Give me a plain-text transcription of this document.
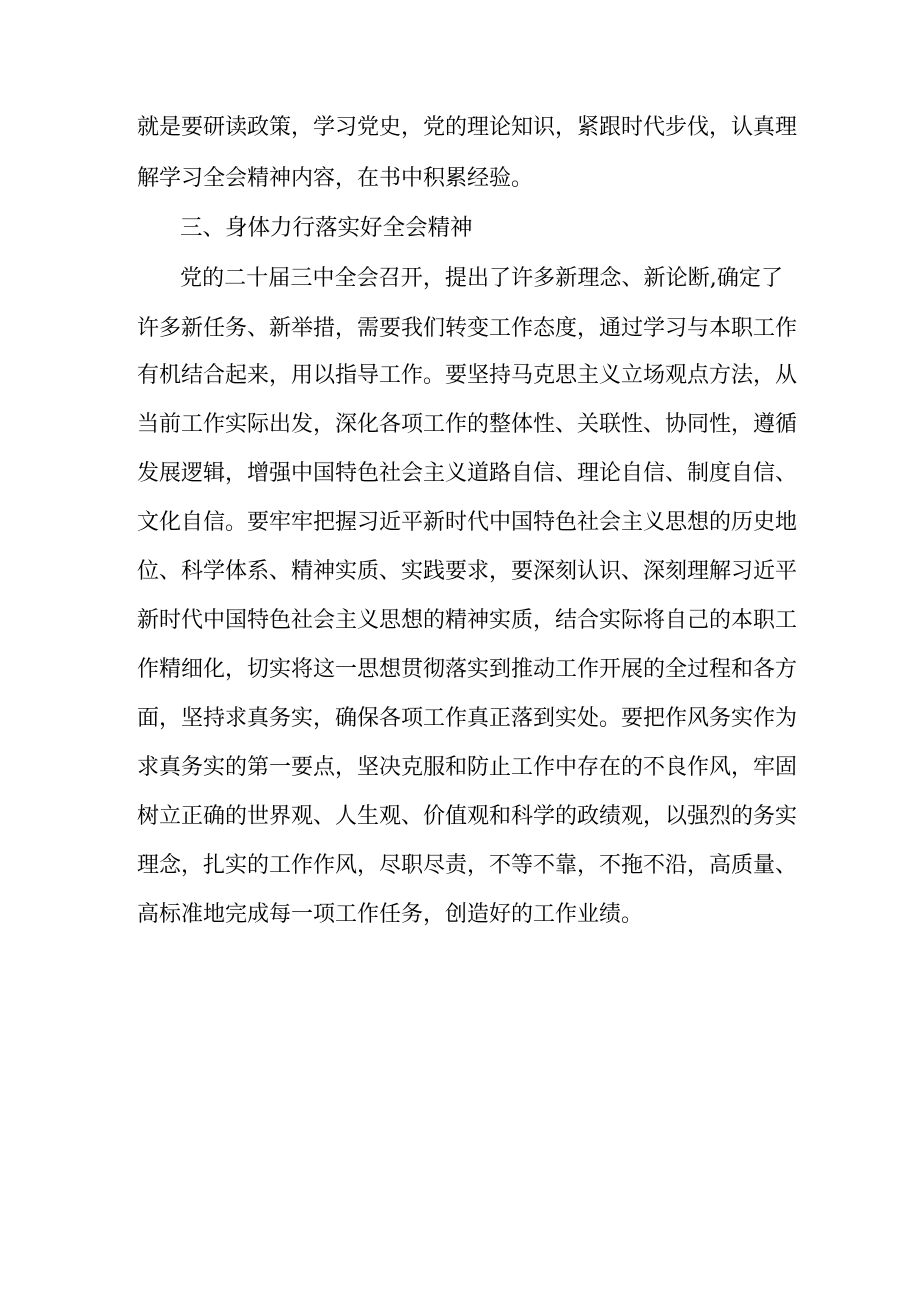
就是要研读政策，学习党史，党的理论知识，紧跟时代步伐，认真理
解学习全会精神内容，在书中积累经验。
三、身体力行落实好全会精神
党的二十届三中全会召开，提出了许多新理念、新论断,确定了
许多新任务、新举措，需要我们转变工作态度，通过学习与本职工作
有机结合起来，用以指导工作。要坚持马克思主义立场观点方法，从
当前工作实际出发，深化各项工作的整体性、关联性、协同性，遵循
发展逻辑，增强中国特色社会主义道路自信、理论自信、制度自信、
文化自信。要牢牢把握习近平新时代中国特色社会主义思想的历史地
位、科学体系、精神实质、实践要求，要深刻认识、深刻理解习近平
新时代中国特色社会主义思想的精神实质，结合实际将自己的本职工
作精细化，切实将这一思想贯彻落实到推动工作开展的全过程和各方
面，坚持求真务实，确保各项工作真正落到实处。要把作风务实作为
求真务实的第一要点，坚决克服和防止工作中存在的不良作风，牢固
树立正确的世界观、人生观、价值观和科学的政绩观，以强烈的务实
理念，扎实的工作作风，尽职尽责，不等不靠，不拖不沿，高质量、
高标准地完成每一项工作任务，创造好的工作业绩。
